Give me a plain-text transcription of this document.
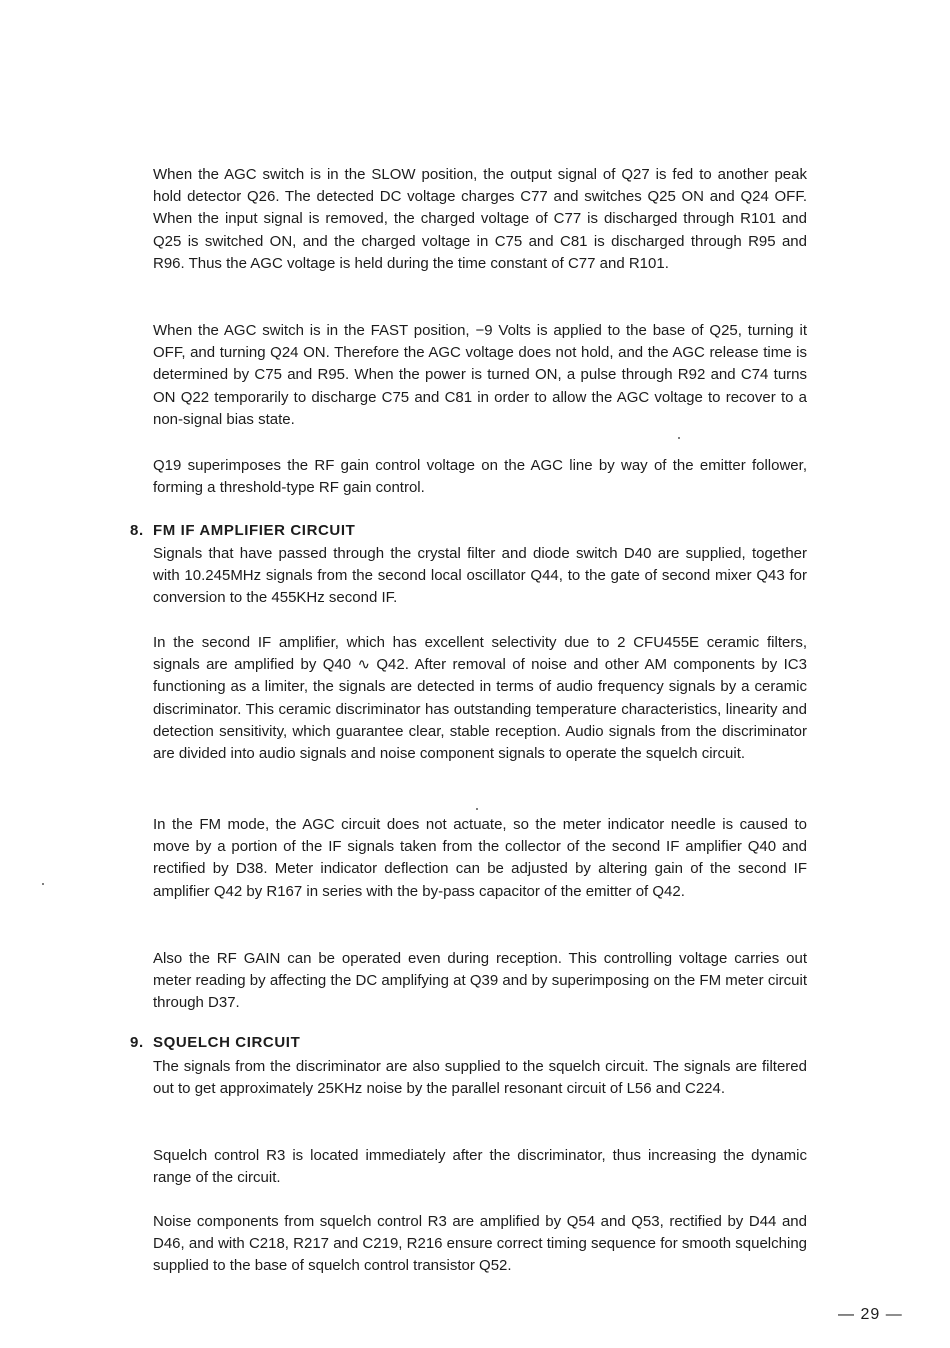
When the AGC switch is in the SLOW position, the output signal of Q27 is fed to another peak hold detector Q26. The detected DC voltage charges C77 and switches Q25 ON and Q24 OFF. When the input signal is removed, the charged voltage of C77 is discharged through R101 and Q25 is switched ON, and the charged voltage in C75 and C81 is discharged through R95 and R96. Thus the AGC voltage is held during the time constant of C77 and R101.

When the AGC switch is in the FAST position, −9 Volts is applied to the base of Q25, turning it OFF, and turning Q24 ON. Therefore the AGC voltage does not hold, and the AGC release time is determined by C75 and R95. When the power is turned ON, a pulse through R92 and C74 turns ON Q22 temporarily to discharge C75 and C81 in order to allow the AGC voltage to recover to a non-signal bias state.

Q19 superimposes the RF gain control voltage on the AGC line by way of the emitter follower, forming a threshold-type RF gain control.

8. FM IF AMPLIFIER CIRCUIT

Signals that have passed through the crystal filter and diode switch D40 are supplied, together with 10.245MHz signals from the second local oscillator Q44, to the gate of second mixer Q43 for conversion to the 455KHz second IF.

In the second IF amplifier, which has excellent selectivity due to 2 CFU455E ceramic filters, signals are amplified by Q40 ∿ Q42. After removal of noise and other AM components by IC3 functioning as a limiter, the signals are detected in terms of audio frequency signals by a ceramic discriminator. This ceramic discriminator has outstanding temperature characteristics, linearity and detection sensitivity, which guarantee clear, stable reception. Audio signals from the discriminator are divided into audio signals and noise component signals to operate the squelch circuit.

In the FM mode, the AGC circuit does not actuate, so the meter indicator needle is caused to move by a portion of the IF signals taken from the collector of the second IF amplifier Q40 and rectified by D38. Meter indicator deflection can be adjusted by altering gain of the second IF amplifier Q42 by R167 in series with the by-pass capacitor of the emitter of Q42.

Also the RF GAIN can be operated even during reception. This controlling voltage carries out meter reading by affecting the DC amplifying at Q39 and by superimposing on the FM meter circuit through D37.

9. SQUELCH CIRCUIT

The signals from the discriminator are also supplied to the squelch circuit. The signals are filtered out to get approximately 25KHz noise by the parallel resonant circuit of L56 and C224.

Squelch control R3 is located immediately after the discriminator, thus increasing the dynamic range of the circuit.

Noise components from squelch control R3 are amplified by Q54 and Q53, rectified by D44 and D46, and with C218, R217 and C219, R216 ensure correct timing sequence for smooth squelching supplied to the base of squelch control transistor Q52.

— 29 —
